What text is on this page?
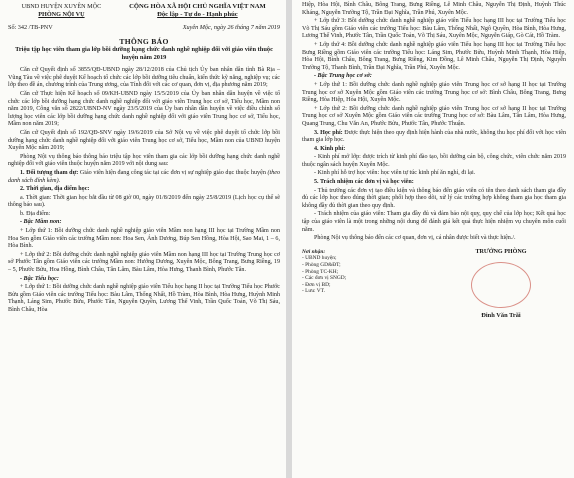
UBND HUYỆN XUYÊN MỘC
PHÒNG NỘI VỤ
CỘNG HÒA XÃ HỘI CHỦ NGHĨA VIỆT NAM
Độc lập - Tự do - Hạnh phúc
Số: 342 /TB-PNV	Xuyên Mộc, ngày 26 tháng 7 năm 2019
THÔNG BÁO
Triệu tập học viên tham gia lớp bồi dưỡng hạng chức danh nghề nghiệp đối với giáo viên thuộc huyện năm 2019

Căn cứ Quyết định số 3855/QĐ-UBND ngày 28/12/2018 của Chủ tịch Ủy ban nhân dân tỉnh Bà Rịa – Vũng Tàu về việc phê duyệt Kế hoạch tổ chức các lớp bồi dưỡng tiêu chuẩn, kiến thức kỹ năng, nghiệp vụ; các lớp theo đề án, chương trình của Trung ương, của Tỉnh đối với các cơ quan, đơn vị, địa phương năm 2019;

Căn cứ Thực hiện Kế hoạch số 09/KH-UBND ngày 15/5/2019 của Ủy ban nhân dân huyện về việc tổ chức các lớp bồi dưỡng hạng chức danh nghề nghiệp đối với giáo viên Trung học cơ sở, Tiểu học, Mầm non năm 2019, Công văn số 2822/UBND-NV ngày 23/5/2019 của Ủy ban nhân dân huyện về việc điều chỉnh số lượng học viên các lớp bồi dưỡng hạng chức danh nghề nghiệp đối với giáo viên Trung học cơ sở, Tiểu học, Mầm non năm 2019;

Căn cứ Quyết định số 192/QĐ-SNV ngày 19/6/2019 của Sở Nội vụ về việc phê duyệt tổ chức lớp bồi dưỡng hạng chức danh nghề nghiệp đối với giáo viên Trung học cơ sở, Tiểu học, Mầm non của UBND huyện Xuyên Mộc năm 2019;

Phòng Nội vụ thông báo thông báo triệu tập học viên tham gia các lớp bồi dưỡng hạng chức danh nghề nghiệp đối với giáo viên thuộc huyện năm 2019 với nội dung sau:

1. Đối tượng tham dự: Giáo viên hiện đang công tác tại các đơn vị sự nghiệp giáo dục thuộc huyện (theo danh sách đính kèm).

2. Thời gian, địa điểm học:

a. Thời gian: Thời gian học bắt đầu từ 08 giờ 00, ngày 01/8/2019 đến ngày 25/8/2019 (Lịch học cụ thể sẽ thông báo sau).

b. Địa điểm:

- Bậc Mầm non:

+ Lớp thứ 1: Bồi dưỡng chức danh nghề nghiệp giáo viên Mầm non hạng III học tại Trường Mầm non Hoa Sen gồm Giáo viên các trường Mầm non: Hoa Sen, Ánh Dương, Búp Sen Hồng, Hòa Hội, Sao Mai, 1 – 6, Hòa Bình.

+ Lớp thứ 2: Bồi dưỡng chức danh nghề nghiệp giáo viên Mầm non hạng III học tại Trường Trung học cơ sở Phước Tân gồm Giáo viên các trường Mầm non: Hướng Dương, Xuyên Mộc, Bông Trang, Bưng Riềng, 19 – 5, Phước Bửu, Hoa Hồng, Bình Châu, Tân Lâm, Bàu Lâm, Hòa Hưng, Thanh Bình, Phước Tân.

- Bậc Tiểu học:

+ Lớp thứ 1: Bồi dưỡng chức danh nghề nghiệp giáo viên Tiểu học hạng II học tại Trường Tiểu học Phước Bửu gồm Giáo viên các trường Tiểu học: Bàu Lâm, Thống Nhất, Hồ Tràm, Hòa Bình, Hòa Hưng, Huỳnh Minh Thạnh, Láng Sim, Phước Bửu, Phước Tân, Nguyễn Quyền, Lương Thế Vinh, Trần Quốc Toản, Võ Thị Sáu, Bình Châu, Hòa

Hiệp, Hòa Hội, Bình Châu, Bông Trang, Bưng Riềng, Lê Minh Châu, Nguyễn Thị Định, Huỳnh Thúc Kháng, Nguyễn Trường Tộ, Trần Đại Nghĩa, Trần Phú, Xuyên Mộc.

+ Lớp thứ 3: Bồi dưỡng chức danh nghề nghiệp giáo viên Tiểu học hạng III học tại Trường Tiểu học Võ Thị Sáu gồm Giáo viên các trường Tiểu học: Bàu Lâm, Thống Nhất, Ngô Quyền, Hòa Bình, Hòa Hưng, Lương Thế Vinh, Phước Tân, Trần Quốc Toản, Võ Thị Sáu, Xuyên Mộc, Nguyễn Giáp, Gò Cát, Hồ Tràm.

+ Lớp thứ 4: Bồi dưỡng chức danh nghề nghiệp giáo viên Tiểu học hạng III học tại Trường Tiểu học Bưng Riềng gồm Giáo viên các trường Tiểu học: Láng Sim, Phước Bửu, Huỳnh Minh Thạnh, Hòa Hiệp, Hòa Hội, Bình Châu, Bông Trang, Bưng Riềng, Kim Đồng, Lê Minh Châu, Nguyễn Thị Định, Nguyễn Trường Tộ, Thanh Bình, Trần Đại Nghĩa, Trần Phú, Xuyên Mộc.

- Bậc Trung học cơ sở:

+ Lớp thứ 1: Bồi dưỡng chức danh nghề nghiệp giáo viên Trung học cơ sở hạng II học tại Trường Trung học cơ sở Xuyên Mộc gồm Giáo viên các trường Trung học cơ sở: Bình Châu, Bông Trang, Bưng Riềng, Hòa Hiệp, Hòa Hội, Xuyên Mộc.

+ Lớp thứ 2: Bồi dưỡng chức danh nghề nghiệp giáo viên Trung học cơ sở hạng II học tại Trường Trung học cơ sở Xuyên Mộc gồm Giáo viên các trường Trung học cơ sở: Bàu Lâm, Tân Lâm, Hòa Hưng, Quang Trung, Chu Văn An, Phước Bửu, Phước Tân, Phước Thuận.

3. Học phí: Được thực hiện theo quy định hiện hành của nhà nước, không thu học phí đối với học viên tham gia lớp học.

4. Kinh phí:

- Kinh phí mở lớp: được trích từ kinh phí đào tạo, bồi dưỡng cán bộ, công chức, viên chức năm 2019 thuộc ngân sách huyện Xuyên Mộc.

- Kinh phí hỗ trợ học viên: học viên tự túc kinh phí ăn nghỉ, đi lại.

5. Trách nhiệm các đơn vị và học viên:

- Thủ trưởng các đơn vị tạo điều kiện và thông báo đến giáo viên có tên theo danh sách tham gia đầy đủ các lớp học theo đúng thời gian; phối hợp theo dõi, xử lý các trường hợp không tham gia học tham gia không đầy đủ thời gian theo quy định.

- Trách nhiệm của giáo viên: Tham gia đầy đủ và đảm bảo nội quy, quy chế của lớp học; Kết quả học tập của giáo viên là một trong những nội dung để đánh giá kết quả thực hiện nhiệm vụ chuyên môn cuối năm.

Phòng Nội vụ thông báo đến các cơ quan, đơn vị, cá nhân được biết và thực hiện./.

Nơi nhận:
- UBND huyện;
- Phòng GD&ĐT;
- Phòng TC-KH;
- Các đơn vị SNGD;
- Đơn vị BD;
- Lưu: VT.
TRƯỞNG PHÒNG
Đinh Văn Trãi
